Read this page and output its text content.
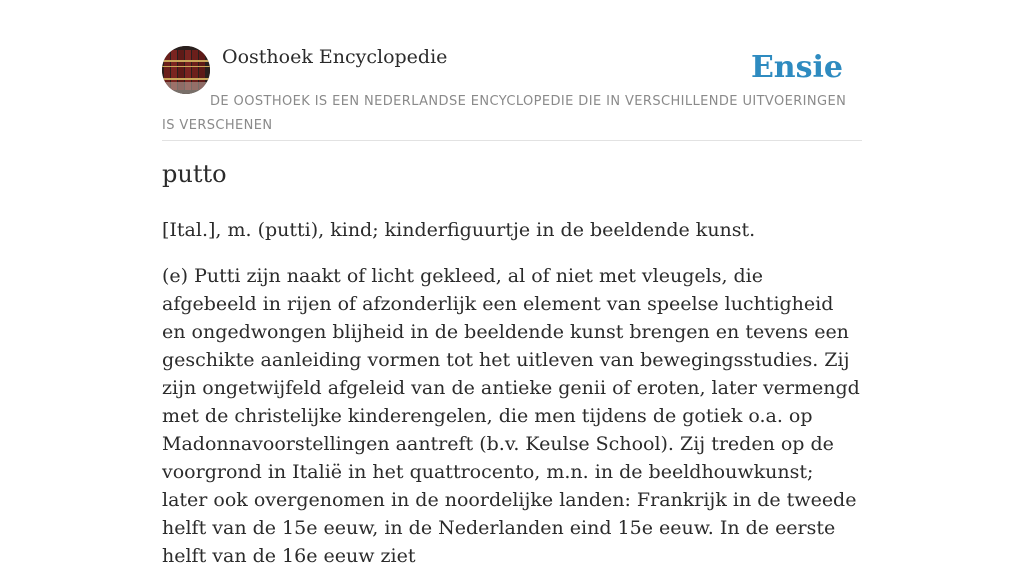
Oosthoek Encyclopedie	Ensie
DE OOSTHOEK IS EEN NEDERLANDSE ENCYCLOPEDIE DIE IN VERSCHILLENDE UITVOERINGEN IS VERSCHENEN
putto

[Ital.], m. (putti), kind; kinderfiguurtje in de beeldende kunst.

(e) Putti zijn naakt of licht gekleed, al of niet met vleugels, die afgebeeld in rijen of afzonderlijk een element van speelse luchtigheid en ongedwongen blijheid in de beeldende kunst brengen en tevens een geschikte aanleiding vormen tot het uitleven van bewegingsstudies. Zij zijn ongetwijfeld afgeleid van de antieke genii of eroten, later vermengd met de christelijke kinderengelen, die men tijdens de gotiek o.a. op Madonnavoorstellingen aantreft (b.v. Keulse School). Zij treden op de voorgrond in Italië in het quattrocento, m.n. in de beeldhouwkunst; later ook overgenomen in de noordelijke landen: Frankrijk in de tweede helft van de 15e eeuw, in de Nederlanden eind 15e eeuw. In de eerste helft van de 16e eeuw ziet
